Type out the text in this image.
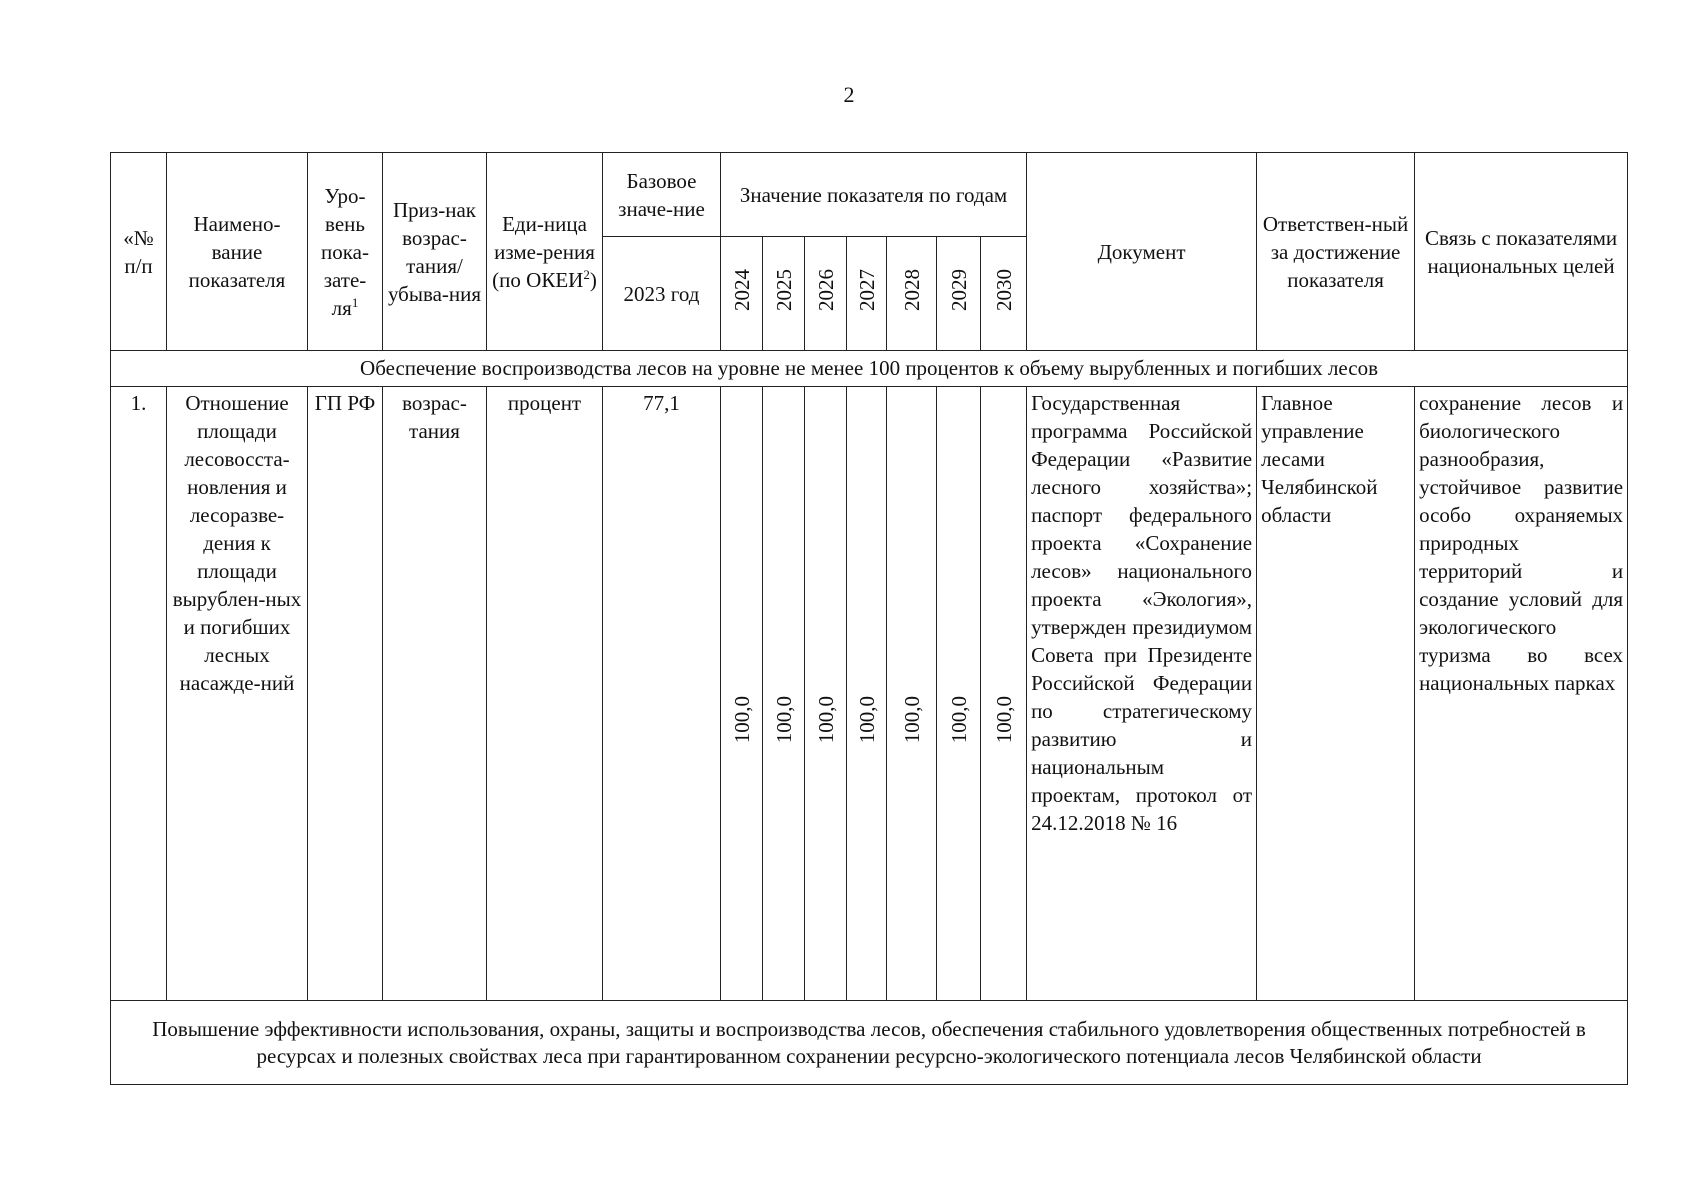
2
«№ п/п	Наимено-вание показателя	Уро-вень пока-$зате-ля^1$	Приз-нак возрас-тания/ убыва-ния	Еди-ница изме-рения (по ОКЕИ$^2$)	Базовое значе-ние	Значение показателя по годам							Документ	Ответствен-ный за достижение показателя	Связь с показателями национальных целей
					2023 год	2024	2025	2026	2027	2028	2029	2030			
Обеспечение воспроизводства лесов на уровне не менее 100 процентов к объему вырубленных и погибших лесов															
1.	Отношение площади лесовосста-новления и лесоразве-дения к площади вырублен-ных и погибших лесных насажде-ний	ГП РФ	возрас-тания	процент	77,1	100,0	100,0	100,0	100,0	100,0	100,0	100,0	Государственная программа Российской Федерации «Развитие лесного хозяйства»; паспорт федерального проекта «Сохранение лесов» национального проекта «Экология», утвержден президиумом Совета при Президенте Российской Федерации по стратегическому развитию и национальным проектам, протокол от 24.12.2018 № 16	Главное управление лесами Челябинской области	сохранение лесов и биологического разнообразия, устойчивое развитие особо охраняемых природных территорий и создание условий для экологического туризма во всех национальных парках
Повышение эффективности использования, охраны, защиты и воспроизводства лесов, обеспечения стабильного удовлетворения общественных потребностей в ресурсах и полезных свойствах леса при гарантированном сохранении ресурсно-экологического потенциала лесов Челябинской области															
